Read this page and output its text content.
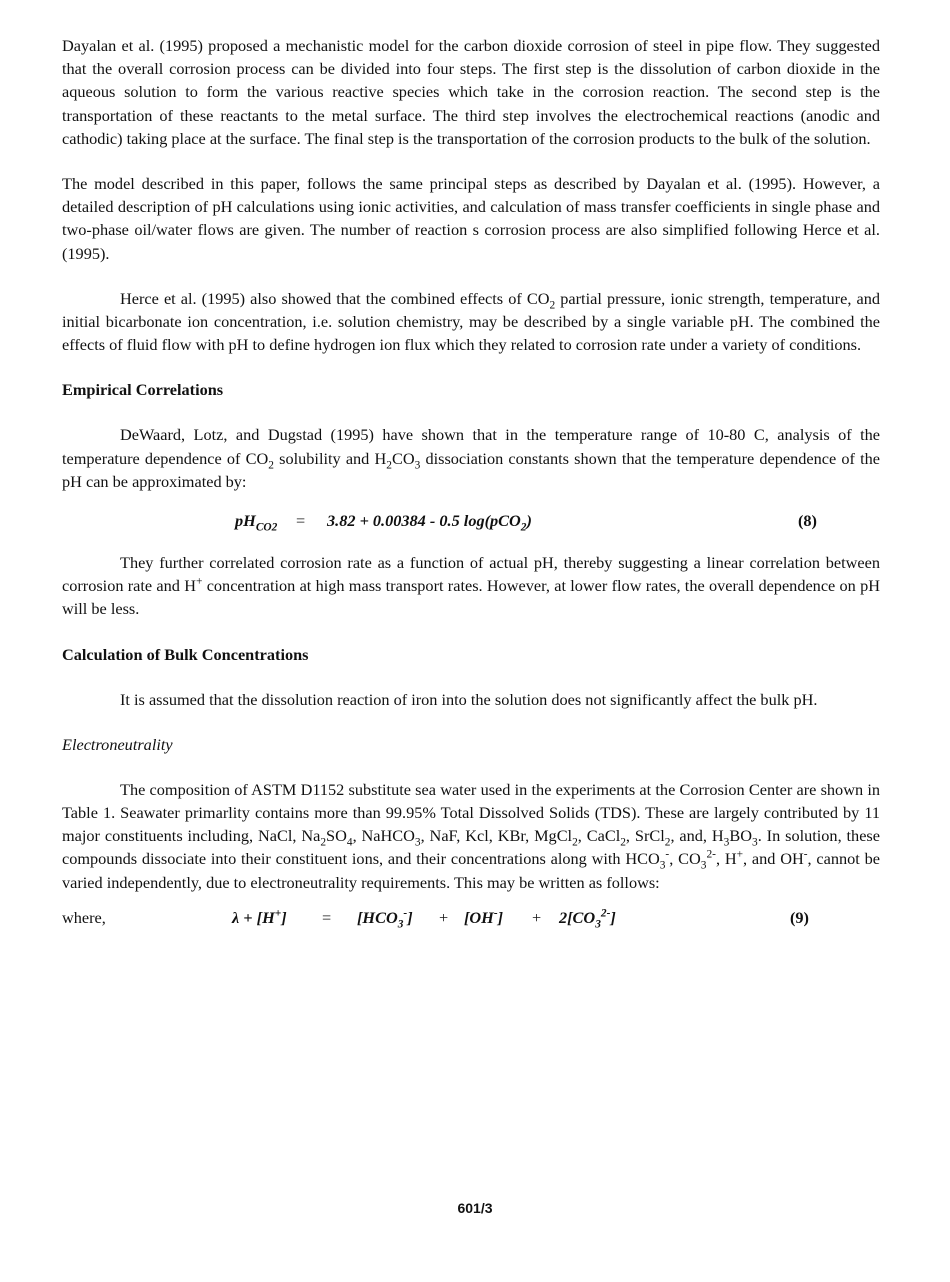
Dayalan et al. (1995) proposed a mechanistic model for the carbon dioxide corrosion of steel in pipe flow. They suggested that the overall corrosion process can be divided into four steps. The first step is the dissolution of carbon dioxide in the aqueous solution to form the various reactive species which take in the corrosion reaction. The second step is the transportation of these reactants to the metal surface. The third step involves the electrochemical reactions (anodic and cathodic) taking place at the surface. The final step is the transportation of the corrosion products to the bulk of the solution.

The model described in this paper, follows the same principal steps as described by Dayalan et al. (1995). However, a detailed description of pH calculations using ionic activities, and calculation of mass transfer coefficients in single phase and two-phase oil/water flows are given. The number of reaction s corrosion process are also simplified following Herce et al. (1995).

Herce et al. (1995) also showed that the combined effects of $CO_2$ partial pressure, ionic strength, temperature, and initial bicarbonate ion concentration, i.e. solution chemistry, may be described by a single variable pH. The combined the effects of fluid flow with pH to define hydrogen ion flux which they related to corrosion rate under a variety of conditions.

Empirical Correlations

DeWaard, Lotz, and Dugstad (1995) have shown that in the temperature range of 10-80 C, analysis of the temperature dependence of $CO_2$ solubility and $H_2CO_3$ dissociation constants shown that the temperature dependence of the pH can be approximated by:

$pH_{CO2} = 3.82 + 0.00384 - 0.5$ log(pCO$_2$)	(8)

They further correlated corrosion rate as a function of actual pH, thereby suggesting a linear correlation between corrosion rate and H+ concentration at high mass transport rates. However, at lower flow rates, the overall dependence on pH will be less.

Calculation of Bulk Concentrations

It is assumed that the dissolution reaction of iron into the solution does not significantly affect the bulk pH.

Electroneutrality

The composition of ASTM D1152 substitute sea water used in the experiments at the Corrosion Center are shown in Table 1. Seawater primarlity contains more than 99.95% Total Dissolved Solids (TDS). These are largely contributed by 11 major constituents including, NaCl, $Na_2SO_4$, NaHCO$_3$, NaF, Kcl, KBr, MgCl$_2$, CaCl$_2$, SrCl$_2$, and, $H_3BO_3$. In solution, these compounds dissociate into their constituent ions, and their concentrations along with $HCO_3^-$, $CO_3^{2-}$, H+, and OH-, cannot be varied independently, due to electroneutrality requirements. This may be written as follows:

where,	$\lambda + [H^+] = [HCO_3^-] + [OH^-] + 2[CO_3^{2-}]$	(9)
601/3
